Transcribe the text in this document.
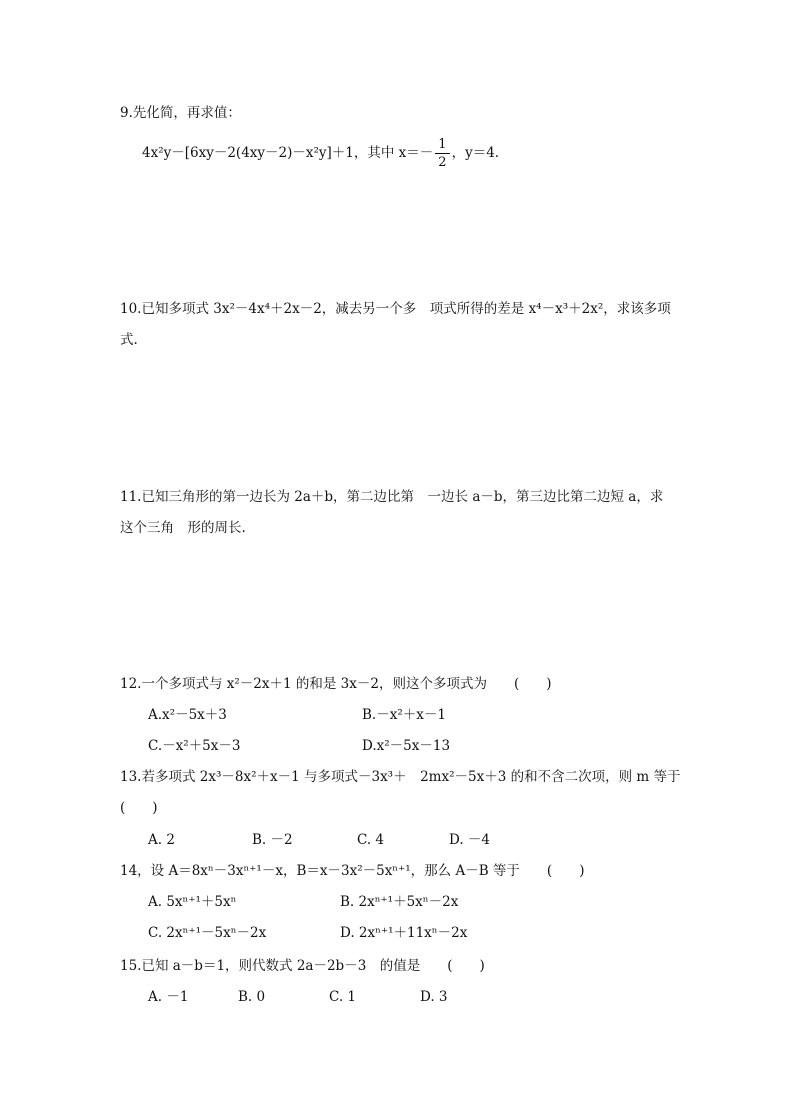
9.先化简，再求值：
4x²y－[6xy－2(4xy－2)－x²y]＋1，其中 $x=- \frac{1}{2}$ ，y＝4.
10.已知多项式 3x²－4x⁴＋2x－2，减去另一个多　项式所得的差是 x⁴－x³＋2x²，求该多项
式.
11.已知三角形的第一边长为 2a＋b，第二边比第　一边长 a－b，第三边比第二边短 a，求
这个三角　形的周长.
12.一个多项式与 x²－2x＋1 的和是 3x－2，则这个多项式为　　(　　)
A.x²－5x＋3	B.－x²＋x－1
C.－x²＋5x－3	D.x²－5x－13
13.若多项式 2x³－8x²＋x－1 与多项式－3x³＋　2mx²－5x＋3 的和不含二次项，则 m 等于
(　　)
A. 2	B. －2	C. 4	D. －4
14，设 A＝8xⁿ－3xⁿ⁺¹－x，B＝x－3x²－5xⁿ⁺¹，那么 A－B 等于　　(　　)
A. 5xⁿ⁺¹＋5xⁿ	B. 2xⁿ⁺¹＋5xⁿ－2x
C. 2xⁿ⁺¹－5xⁿ－2x	D. 2xⁿ⁺¹＋11xⁿ－2x
15.已知 a－b＝1，则代数式 2a－2b－3　的值是　　(　　)
A. －1	B. 0	C. 1	D. 3
